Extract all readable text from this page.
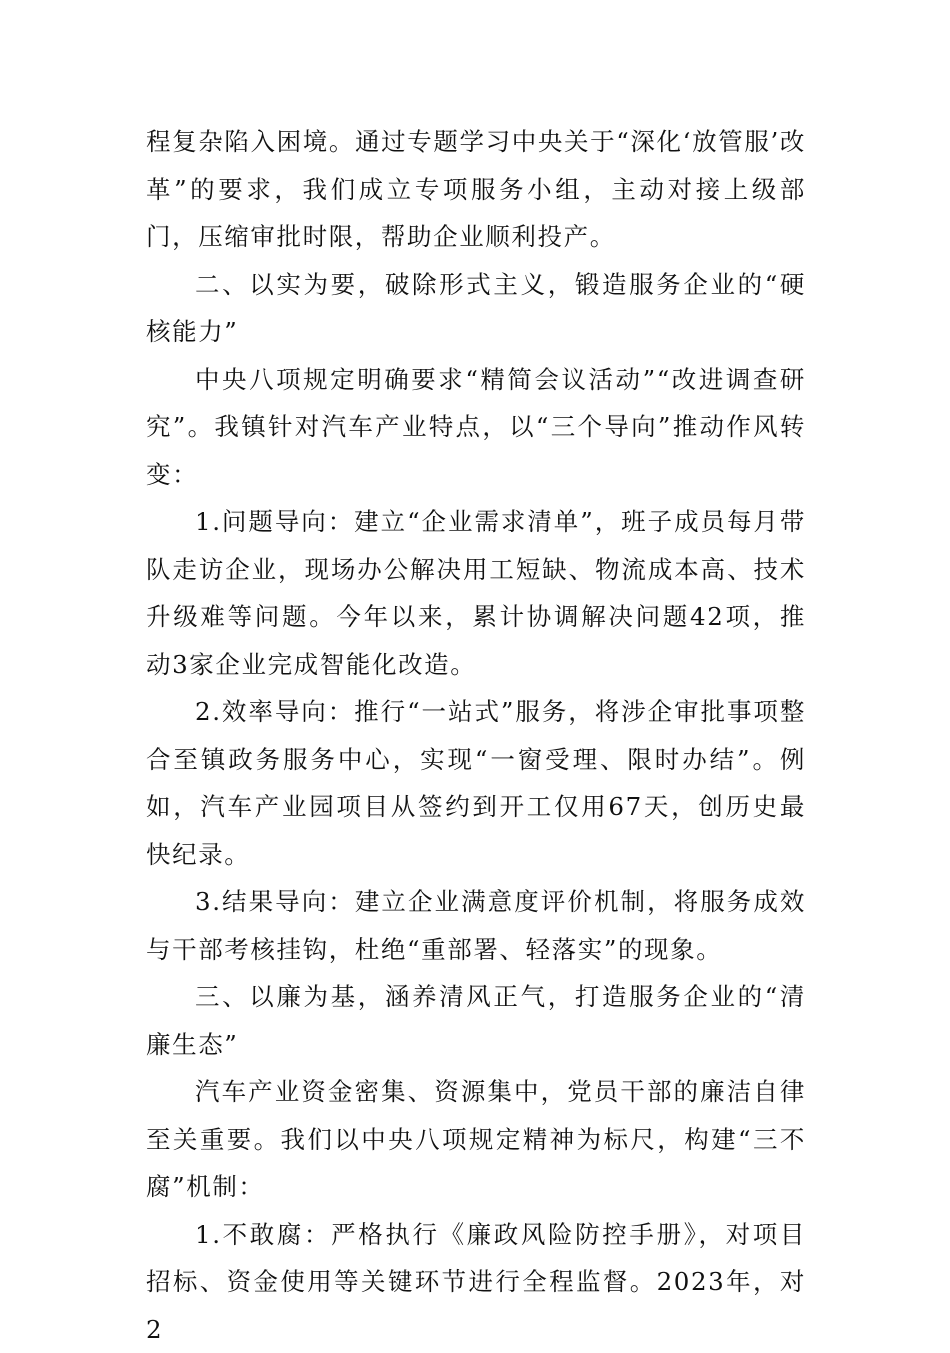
程复杂陷入困境。通过专题学习中央关于“深化‘放管服’改革”的要求，我们成立专项服务小组，主动对接上级部门，压缩审批时限，帮助企业顺利投产。

二、以实为要，破除形式主义，锻造服务企业的“硬核能力”

中央八项规定明确要求“精简会议活动”“改进调查研究”。我镇针对汽车产业特点，以“三个导向”推动作风转变：

1.问题导向：建立“企业需求清单”，班子成员每月带队走访企业，现场办公解决用工短缺、物流成本高、技术升级难等问题。今年以来，累计协调解决问题42项，推动3家企业完成智能化改造。

2.效率导向：推行“一站式”服务，将涉企审批事项整合至镇政务服务中心，实现“一窗受理、限时办结”。例如，汽车产业园项目从签约到开工仅用67天，创历史最快纪录。

3.结果导向：建立企业满意度评价机制，将服务成效与干部考核挂钩，杜绝“重部署、轻落实”的现象。

三、以廉为基，涵养清风正气，打造服务企业的“清廉生态”

汽车产业资金密集、资源集中，党员干部的廉洁自律至关重要。我们以中央八项规定精神为标尺，构建“三不腐”机制：

1.不敢腐：严格执行《廉政风险防控手册》，对项目招标、资金使用等关键环节进行全程监督。2023年，对2
